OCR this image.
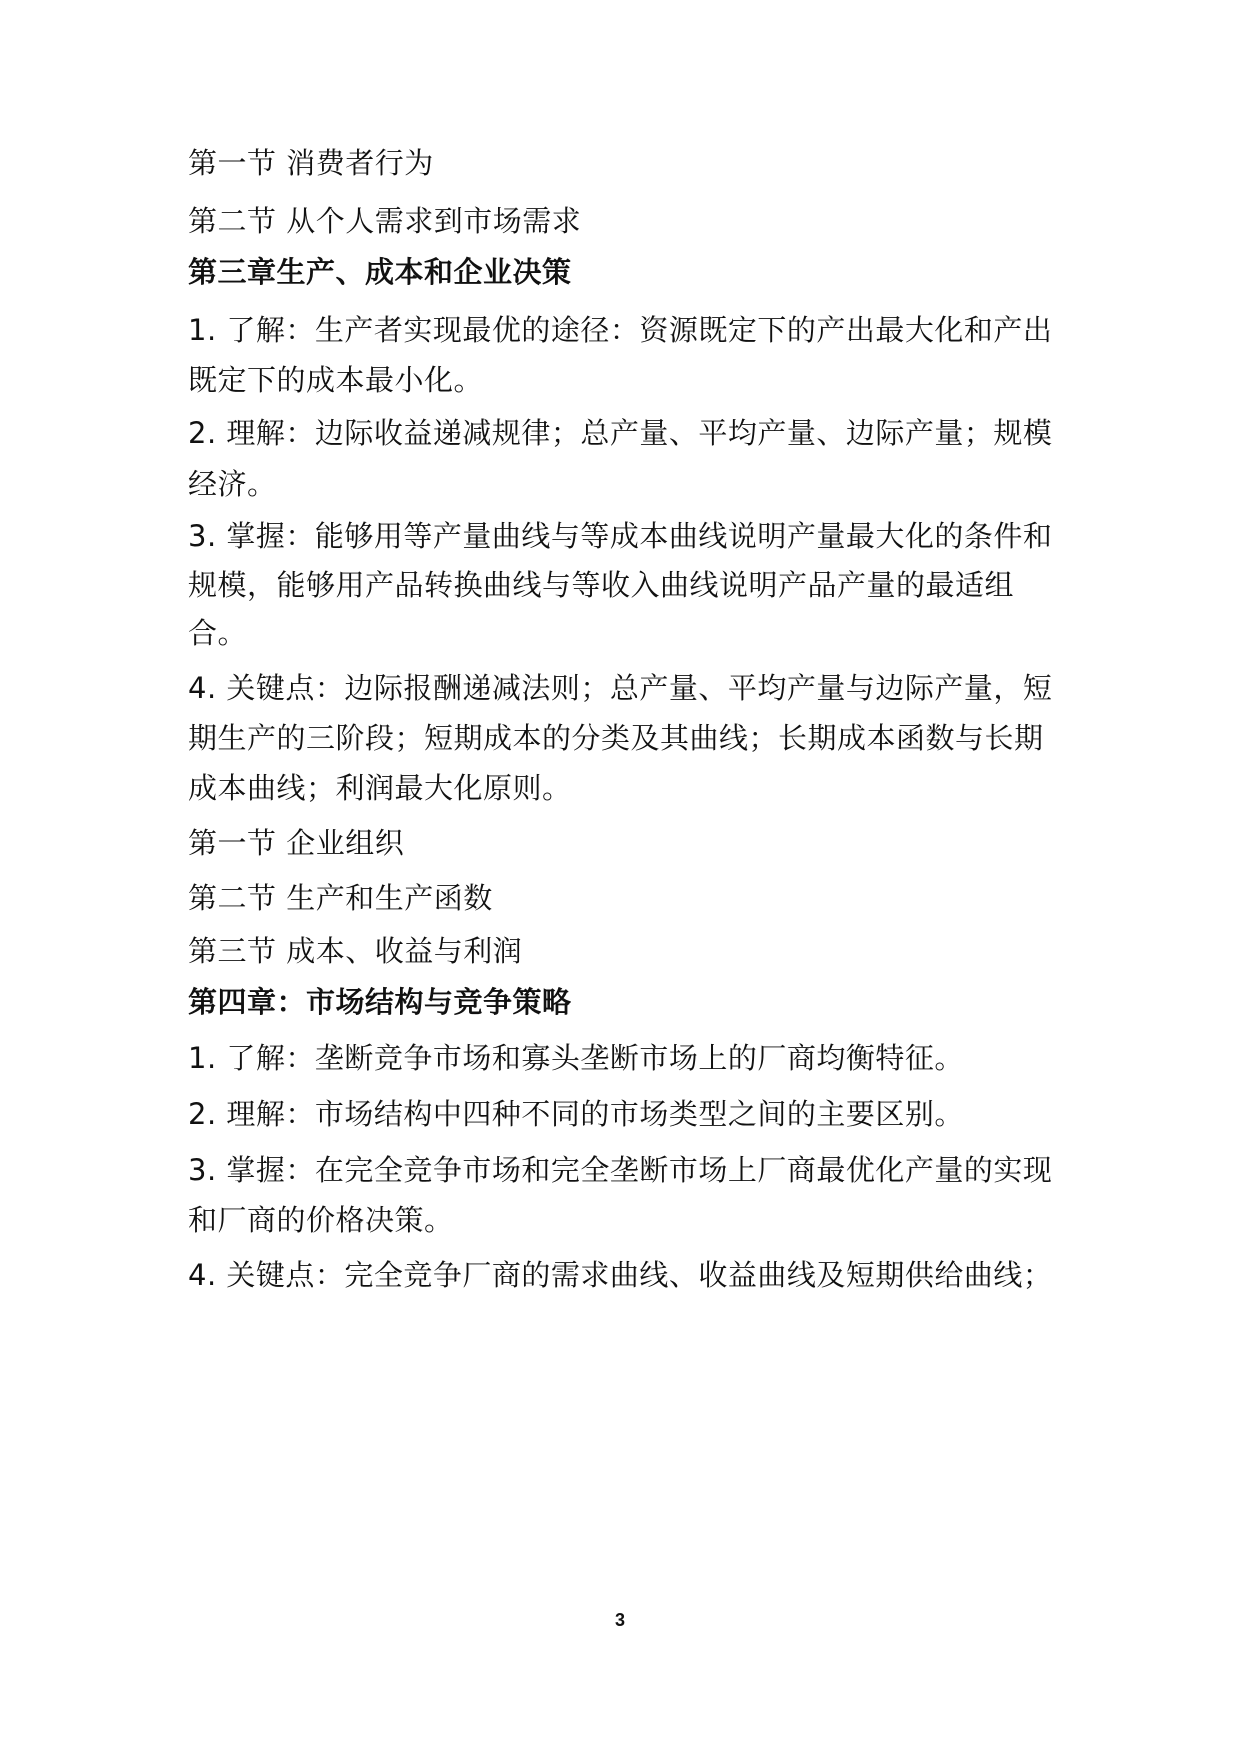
第一节 消费者行为
第二节 从个人需求到市场需求
第三章生产、成本和企业决策
1. 了解：生产者实现最优的途径：资源既定下的产出最大化和产出
既定下的成本最小化。
2. 理解：边际收益递减规律；总产量、平均产量、边际产量；规模
经济。
3. 掌握：能够用等产量曲线与等成本曲线说明产量最大化的条件和
规模，能够用产品转换曲线与等收入曲线说明产品产量的最适组
合。
4. 关键点：边际报酬递减法则；总产量、平均产量与边际产量，短
期生产的三阶段；短期成本的分类及其曲线；长期成本函数与长期
成本曲线；利润最大化原则。
第一节 企业组织
第二节 生产和生产函数
第三节 成本、收益与利润
第四章：市场结构与竞争策略
1. 了解：垄断竞争市场和寡头垄断市场上的厂商均衡特征。
2. 理解：市场结构中四种不同的市场类型之间的主要区别。
3. 掌握：在完全竞争市场和完全垄断市场上厂商最优化产量的实现
和厂商的价格决策。
4. 关键点：完全竞争厂商的需求曲线、收益曲线及短期供给曲线；
3
